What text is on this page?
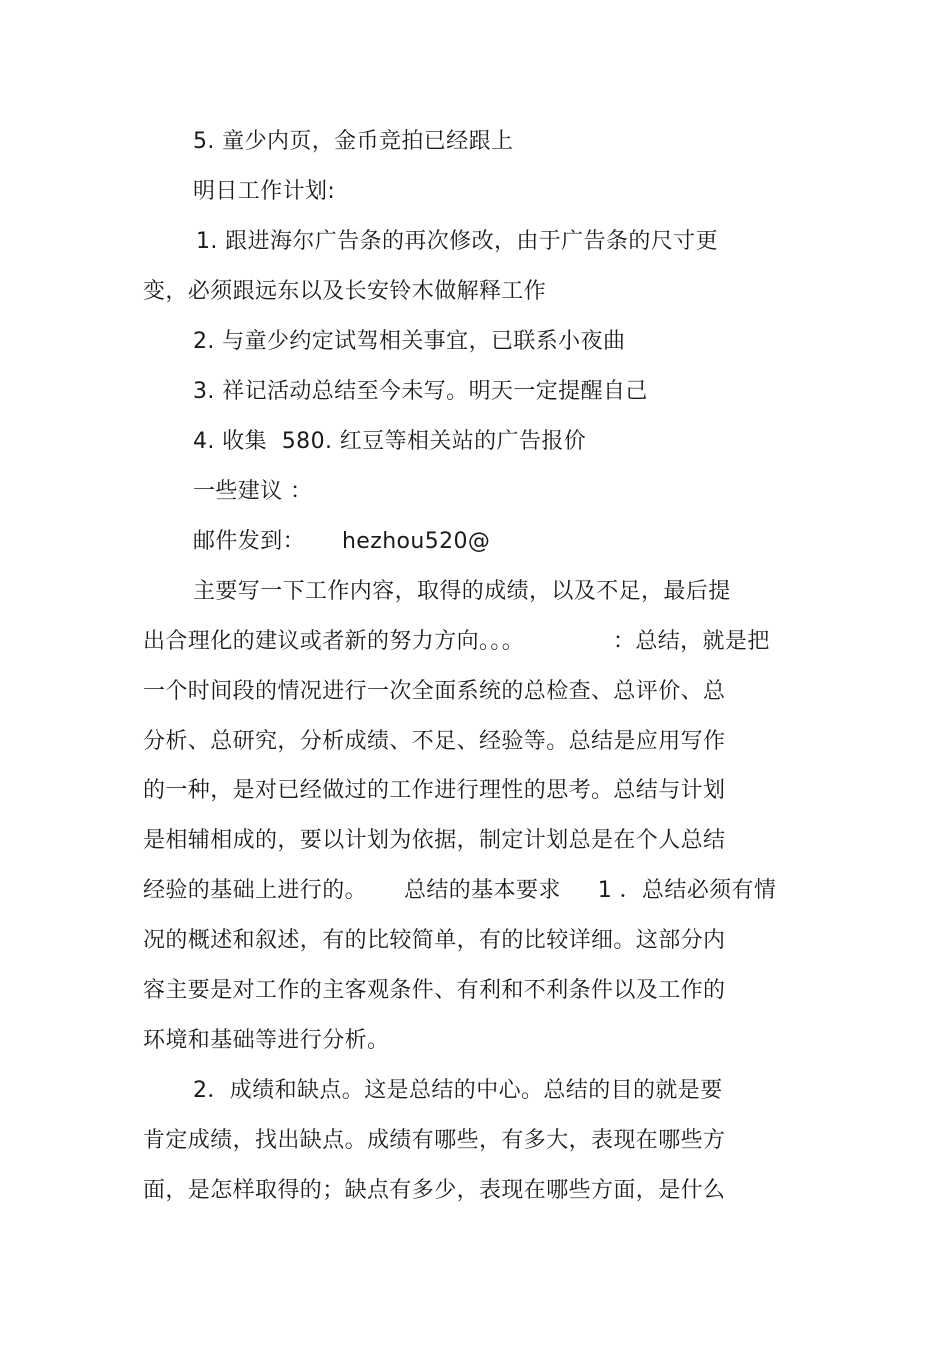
5. 童少内页，金币竞拍已经跟上
明日工作计划:
1. 跟进海尔广告条的再次修改，由于广告条的尺寸更
变，必须跟远东以及长安铃木做解释工作
2. 与童少约定试驾相关事宜，已联系小夜曲
3. 祥记活动总结至今未写。明天一定提醒自己
4. 收集  580. 红豆等相关站的广告报价
一些建议 ：
邮件发到：     hezhou520@
主要写一下工作内容，取得的成绩，以及不足，最后提
出合理化的建议或者新的努力方向。。。            ：总结，就是把
一个时间段的情况进行一次全面系统的总检查、总评价、总
分析、总研究，分析成绩、不足、经验等。总结是应用写作
的一种，是对已经做过的工作进行理性的思考。总结与计划
是相辅相成的，要以计划为依据，制定计划总是在个人总结
经验的基础上进行的。     总结的基本要求     1 ．总结必须有情
况的概述和叙述，有的比较简单，有的比较详细。这部分内
容主要是对工作的主客观条件、有利和不利条件以及工作的
环境和基础等进行分析。
2．成绩和缺点。这是总结的中心。总结的目的就是要
肯定成绩，找出缺点。成绩有哪些，有多大，表现在哪些方
面，是怎样取得的；缺点有多少，表现在哪些方面，是什么
